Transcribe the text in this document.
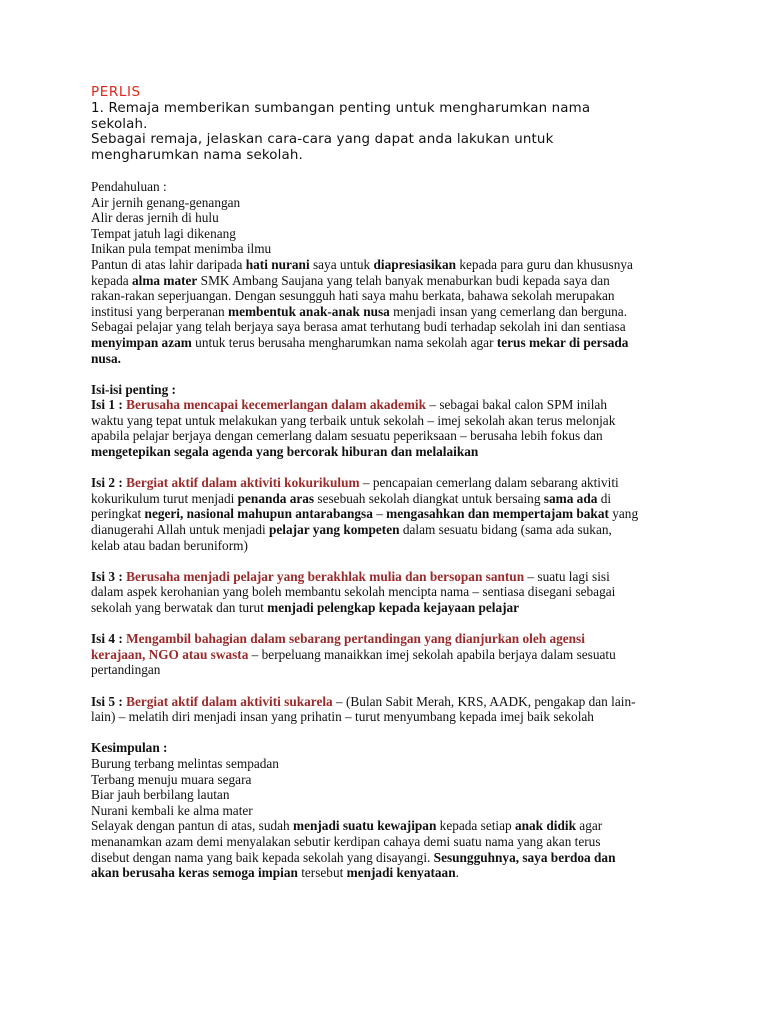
PERLIS
1. Remaja memberikan sumbangan penting untuk mengharumkan nama
sekolah.
Sebagai remaja, jelaskan cara-cara yang dapat anda lakukan untuk
mengharumkan nama sekolah.
Pendahuluan :
Air jernih genang-genangan
Alir deras jernih di hulu
Tempat jatuh lagi dikenang
Inikan pula tempat menimba ilmu
Pantun di atas lahir daripada hati nurani saya untuk diapresiasikan kepada para guru dan khususnya
kepada alma mater SMK Ambang Saujana yang telah banyak menaburkan budi kepada saya dan
rakan-rakan seperjuangan. Dengan sesungguh hati saya mahu berkata, bahawa sekolah merupakan
institusi yang berperanan membentuk anak-anak nusa menjadi insan yang cemerlang dan berguna.
Sebagai pelajar yang telah berjaya saya berasa amat terhutang budi terhadap sekolah ini dan sentiasa
menyimpan azam untuk terus berusaha mengharumkan nama sekolah agar terus mekar di persada
nusa.
Isi-isi penting :
Isi 1 : Berusaha mencapai kecemerlangan dalam akademik – sebagai bakal calon SPM inilah
waktu yang tepat untuk melakukan yang terbaik untuk sekolah – imej sekolah akan terus melonjak
apabila pelajar berjaya dengan cemerlang dalam sesuatu peperiksaan – berusaha lebih fokus dan
mengetepikan segala agenda yang bercorak hiburan dan melalaikan
Isi 2 : Bergiat aktif dalam aktiviti kokurikulum – pencapaian cemerlang dalam sebarang aktiviti
kokurikulum turut menjadi penanda aras sesebuah sekolah diangkat untuk bersaing sama ada di
peringkat negeri, nasional mahupun antarabangsa – mengasahkan dan mempertajam bakat yang
dianugerahi Allah untuk menjadi pelajar yang kompeten dalam sesuatu bidang (sama ada sukan,
kelab atau badan beruniform)
Isi 3 : Berusaha menjadi pelajar yang berakhlak mulia dan bersopan santun – suatu lagi sisi
dalam aspek kerohanian yang boleh membantu sekolah mencipta nama – sentiasa disegani sebagai
sekolah yang berwatak dan turut menjadi pelengkap kepada kejayaan pelajar
Isi 4 : Mengambil bahagian dalam sebarang pertandingan yang dianjurkan oleh agensi
kerajaan, NGO atau swasta – berpeluang manaikkan imej sekolah apabila berjaya dalam sesuatu
pertandingan
Isi 5 : Bergiat aktif dalam aktiviti sukarela – (Bulan Sabit Merah, KRS, AADK, pengakap dan lain-
lain) – melatih diri menjadi insan yang prihatin – turut menyumbang kepada imej baik sekolah
Kesimpulan :
Burung terbang melintas sempadan
Terbang menuju muara segara
Biar jauh berbilang lautan
Nurani kembali ke alma mater
Selayak dengan pantun di atas, sudah menjadi suatu kewajipan kepada setiap anak didik agar
menanamkan azam demi menyalakan sebutir kerdipan cahaya demi suatu nama yang akan terus
disebut dengan nama yang baik kepada sekolah yang disayangi. Sesungguhnya, saya berdoa dan
akan berusaha keras semoga impian tersebut menjadi kenyataan.
